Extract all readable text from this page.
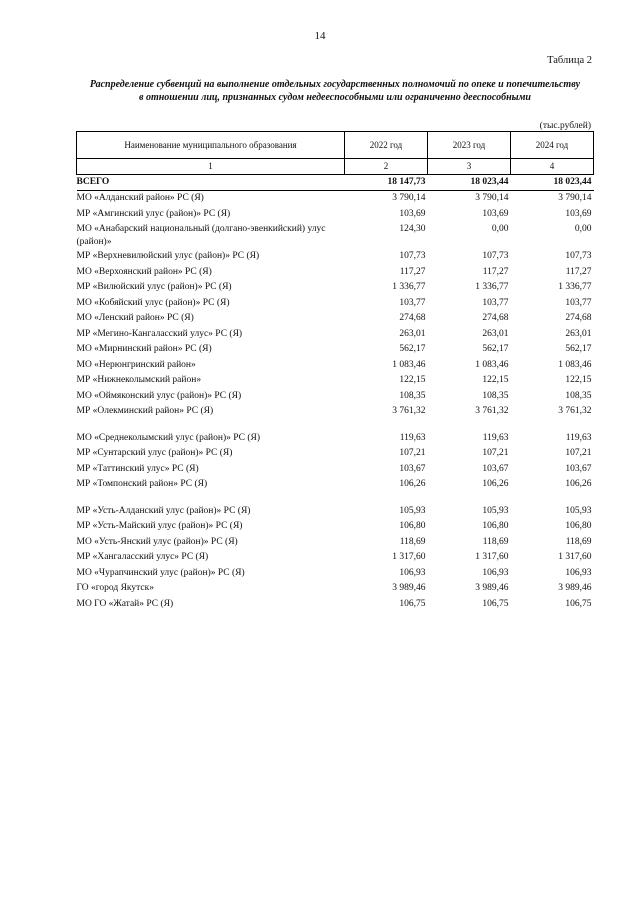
14
Таблица 2
Распределение субвенций на выполнение отдельных государственных полномочий по опеке и попечительству
в отношении лиц, признанных судом недееспособными или ограниченно дееспособными
(тыс.рублей)
Наименование муниципального образования	2022 год	2023 год	2024 год
1	2	3	4
ВСЕГО	18 147,73	18 023,44	18 023,44
МО «Алданский район» РС (Я)	3 790,14	3 790,14	3 790,14
МР «Амгинский улус (район)» РС (Я)	103,69	103,69	103,69
МО «Анабарский национальный (долгано-эвенкийский) улус (район)»	124,30	0,00	0,00
МР «Верхневилюйский улус (район)» РС (Я)	107,73	107,73	107,73
МО «Верхоянский район» РС (Я)	117,27	117,27	117,27
МР «Вилюйский улус (район)» РС (Я)	1 336,77	1 336,77	1 336,77
МО «Кобяйский улус (район)» РС (Я)	103,77	103,77	103,77
МО «Ленский район» РС (Я)	274,68	274,68	274,68
МР «Мегино-Кангаласский улус» РС (Я)	263,01	263,01	263,01
МО «Мирнинский район» РС (Я)	562,17	562,17	562,17
МО «Нерюнгринский район»	1 083,46	1 083,46	1 083,46
МР «Нижнеколымский район»	122,15	122,15	122,15
МО «Оймяконский улус (район)» РС (Я)	108,35	108,35	108,35
МР «Олекминский район» РС (Я)	3 761,32	3 761,32	3 761,32

МО «Среднеколымский улус (район)» РС (Я)	119,63	119,63	119,63
МР «Сунтарский улус (район)» РС (Я)	107,21	107,21	107,21
МР «Таттинский улус» РС (Я)	103,67	103,67	103,67
МР «Томпонский район» РС (Я)	106,26	106,26	106,26

МР «Усть-Алданский улус (район)» РС (Я)	105,93	105,93	105,93
МР «Усть-Майский улус (район)» РС (Я)	106,80	106,80	106,80
МО «Усть-Янский улус (район)» РС (Я)	118,69	118,69	118,69
МР «Хангаласский улус» РС (Я)	1 317,60	1 317,60	1 317,60
МО «Чурапчинский улус (район)» РС (Я)	106,93	106,93	106,93
ГО «город Якутск»	3 989,46	3 989,46	3 989,46
МО ГО «Жатай» РС (Я)	106,75	106,75	106,75
